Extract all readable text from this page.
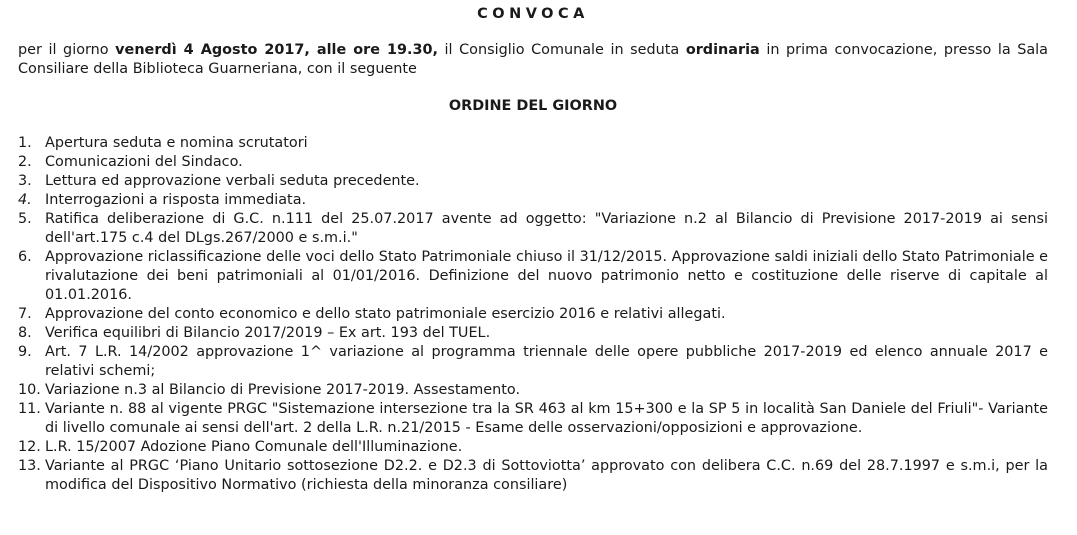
CONVOCA
per il giorno venerdì 4 Agosto 2017, alle ore 19.30, il Consiglio Comunale in seduta ordinaria in prima convocazione, presso la Sala Consiliare della Biblioteca Guarneriana, con il seguente
ORDINE DEL GIORNO
1. Apertura seduta e nomina scrutatori
2. Comunicazioni del Sindaco.
3. Lettura ed approvazione verbali seduta precedente.
4. Interrogazioni a risposta immediata.
5. Ratifica deliberazione di G.C. n.111 del 25.07.2017 avente ad oggetto: "Variazione n.2 al Bilancio di Previsione 2017-2019 ai sensi dell'art.175 c.4 del DLgs.267/2000 e s.m.i."
6. Approvazione riclassificazione delle voci dello Stato Patrimoniale chiuso il 31/12/2015. Approvazione saldi iniziali dello Stato Patrimoniale e rivalutazione dei beni patrimoniali al 01/01/2016. Definizione del nuovo patrimonio netto e costituzione delle riserve di capitale al 01.01.2016.
7. Approvazione del conto economico e dello stato patrimoniale esercizio 2016 e relativi allegati.
8. Verifica equilibri di Bilancio 2017/2019 – Ex art. 193 del TUEL.
9. Art. 7 L.R. 14/2002 approvazione 1^ variazione al programma triennale delle opere pubbliche 2017-2019 ed elenco annuale 2017 e relativi schemi;
10. Variazione n.3 al Bilancio di Previsione 2017-2019. Assestamento.
11. Variante n. 88 al vigente PRGC "Sistemazione intersezione tra la SR 463 al km 15+300 e la SP 5 in località San Daniele del Friuli"- Variante di livello comunale ai sensi dell'art. 2 della L.R. n.21/2015 - Esame delle osservazioni/opposizioni e approvazione.
12. L.R. 15/2007 Adozione Piano Comunale dell'Illuminazione.
13. Variante al PRGC ‘Piano Unitario sottosezione D2.2. e D2.3 di Sottoviotta’ approvato con delibera C.C. n.69 del 28.7.1997 e s.m.i, per la modifica del Dispositivo Normativo (richiesta della minoranza consiliare)
